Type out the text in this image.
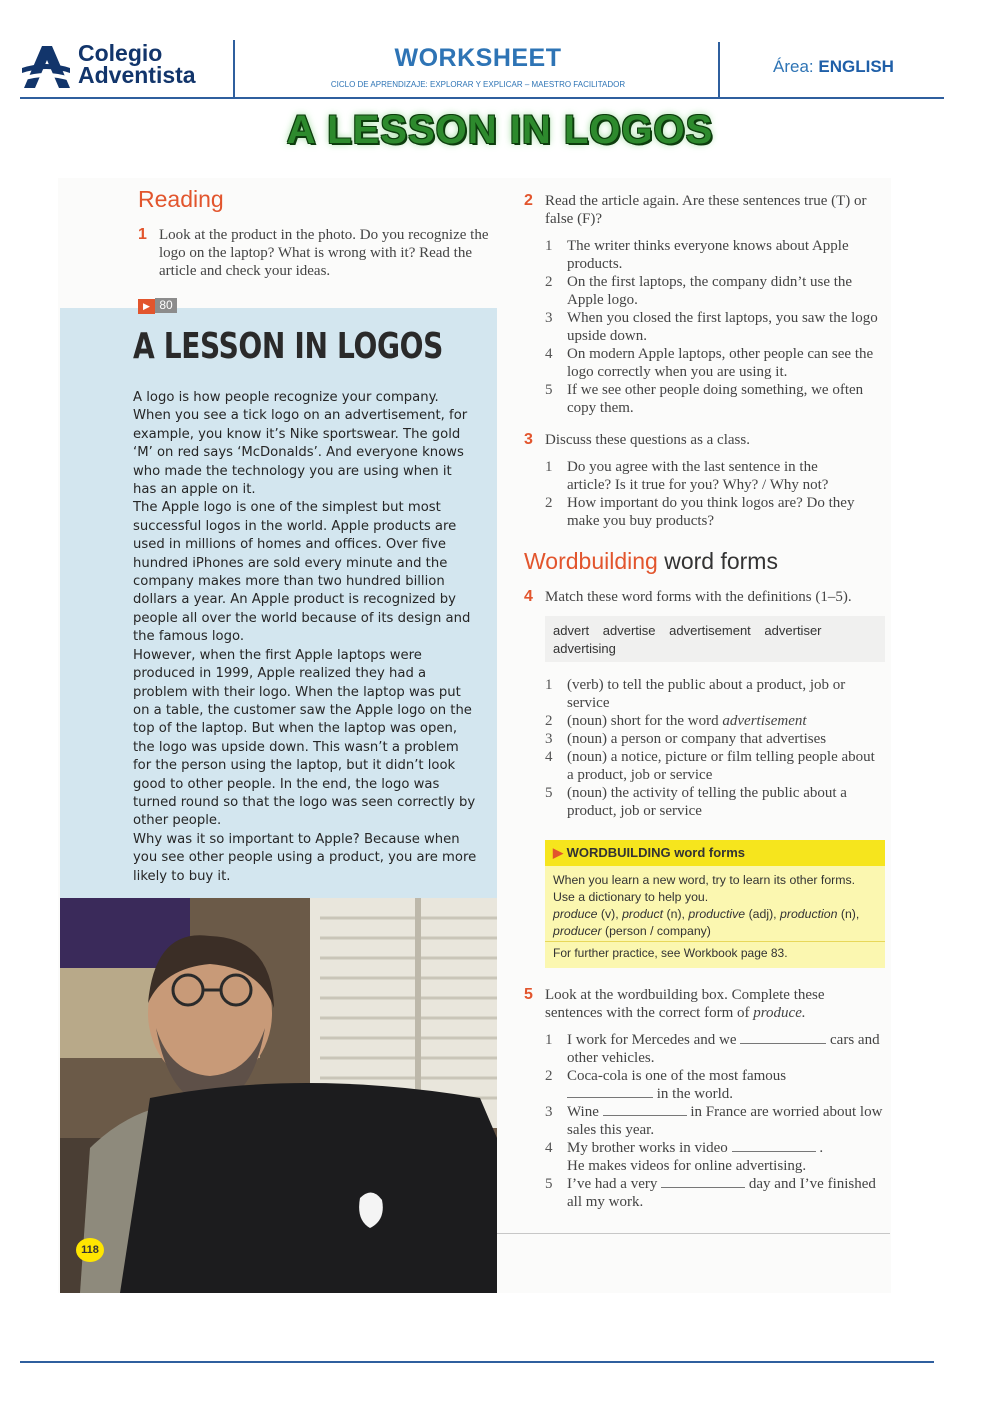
Colegio
Adventista
WORKSHEET
CICLO DE APRENDIZAJE: EXPLORAR Y EXPLICAR – MAESTRO FACILITADOR
Área: ENGLISH
A LESSON IN LOGOS
Reading
1 Look at the product in the photo. Do you recognize the logo on the laptop? What is wrong with it? Read the article and check your ideas.
▶ 80
A LESSON IN LOGOS
A logo is how people recognize your company. When you see a tick logo on an advertisement, for example, you know it’s Nike sportswear. The gold ‘M’ on red says ‘McDonalds’. And everyone knows who made the technology you are using when it has an apple on it.
The Apple logo is one of the simplest but most successful logos in the world. Apple products are used in millions of homes and offices. Over five hundred iPhones are sold every minute and the company makes more than two hundred billion dollars a year. An Apple product is recognized by people all over the world because of its design and the famous logo.
However, when the first Apple laptops were produced in 1999, Apple realized they had a problem with their logo. When the laptop was put on a table, the customer saw the Apple logo on the top of the laptop. But when the laptop was open, the logo was upside down. This wasn’t a problem for the person using the laptop, but it didn’t look good to other people. In the end, the logo was turned round so that the logo was seen correctly by other people.
Why was it so important to Apple? Because when you see other people using a product, you are more likely to buy it.
118
2 Read the article again. Are these sentences true (T) or false (F)?
1 The writer thinks everyone knows about Apple products.
2 On the first laptops, the company didn’t use the Apple logo.
3 When you closed the first laptops, you saw the logo upside down.
4 On modern Apple laptops, other people can see the logo correctly when you are using it.
5 If we see other people doing something, we often copy them.
3 Discuss these questions as a class.
1 Do you agree with the last sentence in the article? Is it true for you? Why? / Why not?
2 How important do you think logos are? Do they make you buy products?
Wordbuilding word forms
4 Match these word forms with the definitions (1–5).
advert advertise advertisement advertiser advertising
1 (verb) to tell the public about a product, job or service
2 (noun) short for the word advertisement
3 (noun) a person or company that advertises
4 (noun) a notice, picture or film telling people about a product, job or service
5 (noun) the activity of telling the public about a product, job or service
▶ WORDBUILDING word forms
When you learn a new word, try to learn its other forms. Use a dictionary to help you.
produce (v), product (n), productive (adj), production (n), producer (person / company)
For further practice, see Workbook page 83.
5 Look at the wordbuilding box. Complete these sentences with the correct form of produce.
1 I work for Mercedes and we	cars and other vehicles.
2 Coca-cola is one of the most famous
in the world.
3 Wine	in France are worried about low sales this year.
4 My brother works in video	.
He makes videos for online advertising.
5 I’ve had a very	day and I’ve finished all my work.
